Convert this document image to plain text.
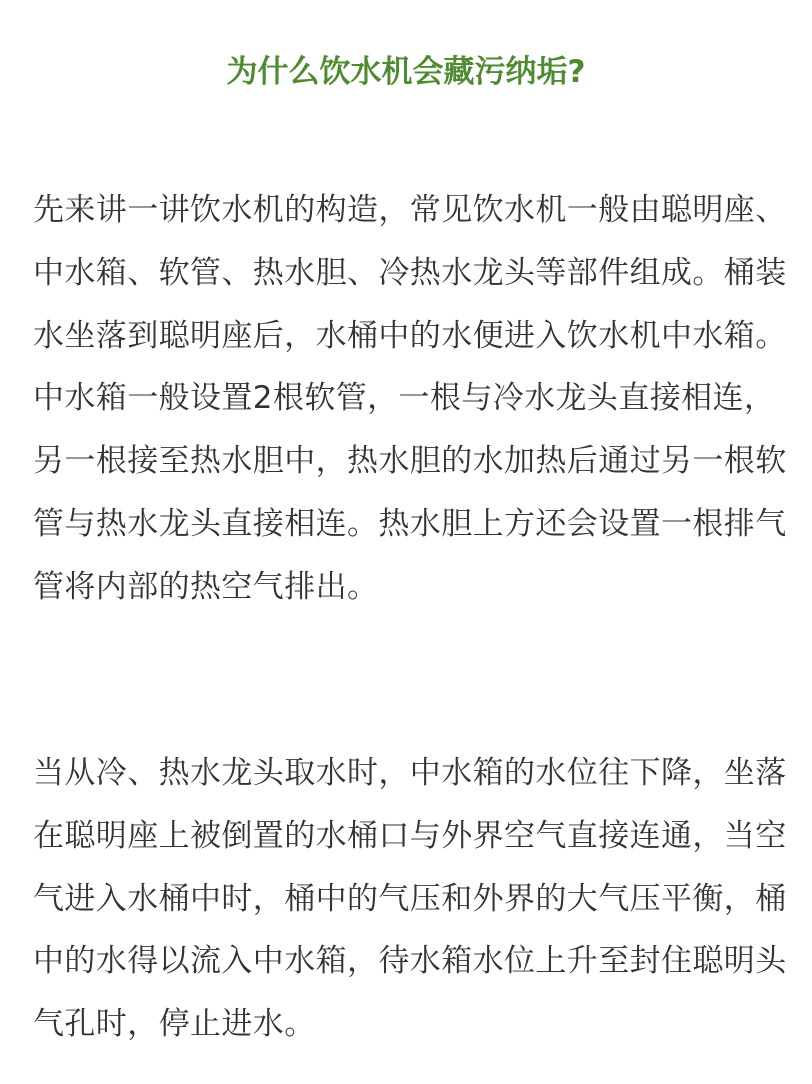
为什么饮水机会藏污纳垢?

先来讲一讲饮水机的构造，常见饮水机一般由聪明座、
中水箱、软管、热水胆、冷热水龙头等部件组成。桶装
水坐落到聪明座后，水桶中的水便进入饮水机中水箱。
中水箱一般设置2根软管，一根与冷水龙头直接相连，
另一根接至热水胆中，热水胆的水加热后通过另一根软
管与热水龙头直接相连。热水胆上方还会设置一根排气
管将内部的热空气排出。

当从冷、热水龙头取水时，中水箱的水位往下降，坐落
在聪明座上被倒置的水桶口与外界空气直接连通，当空
气进入水桶中时，桶中的气压和外界的大气压平衡，桶
中的水得以流入中水箱，待水箱水位上升至封住聪明头
气孔时，停止进水。
